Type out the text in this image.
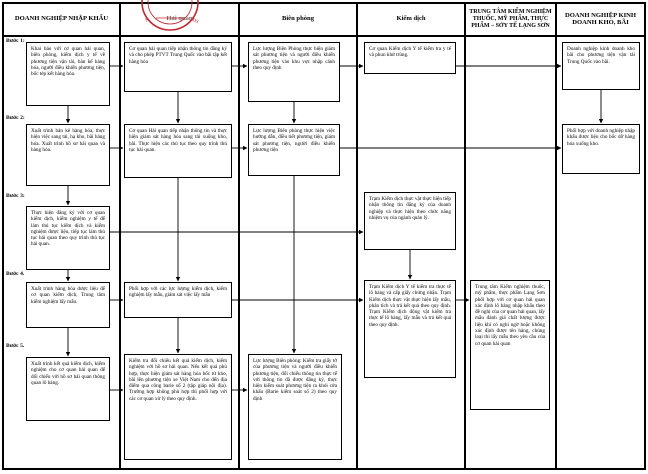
DOANH NGHIỆP NHẬP KHẨU	Hải quan	Biên phòng	Kiểm dịch
TRUNG TÂM KIỂM NGHIỆM THUỐC, MỸ PHẨM, THỰC PHẨM – SỞY TẾ LẠNG SƠN
DOANH NGHIỆP KINH DOANH KHO, BÃI
N	ĐS
Bước 1:
Bước 2:
Bước 3:
Bước 4.
Bước 5.
Khai báo với cơ quan hải quan, biên phòng, kiểm dịch y tế về phương tiện vận tải, bàn kế hàng hóa, người điều khiển phương tiện, bốc tép kết hàng hóa.
Xuất trình bản kê hàng hóa, thực hiện việc sang tải, hạ kho, bãi hàng hóa. Xuất trình hồ sơ hải quan và hàng hóa.
Thực hiện đăng ký với cơ quan kiểm dịch, kiểm nghiệm y tế để làm thủ tục kiểm dịch và kiểm nghiệm được liệu, tiếp tục làm thủ tục hải quan theo quy trình thủ tục hải quan.
Xuất trình hàng hóa dược liệu để cơ quan kiểm dịch, Trung tâm kiểm nghiệm lấy mẫu.
Xuất trình kết quả kiểm dịch, kiểm nghiệm cho cơ quan hải quan để đối chiếu với hồ sơ hải quan thông quan lô hàng.
Cơ quan hải quan tiếp nhận thông tin đăng ký và cho phép PTVT Trung Quốc vào bãi tập kết hàng hóa
Cơ quan Hải quan tiếp nhận thông tin và thực hiện giám sát hàng hóa sang tải xuống kho, bãi. Thực hiện các thủ tục theo quy trình thủ tục hải quan.
Phối hợp với các lực lượng kiểm dịch, kiểm nghiệm lấy mẫu, giám sát việc lấy mẫu
Kiểm tra đối chiếu kết quả kiểm dịch, kiểm nghiệm với hồ sơ hải quan. Nếu kết quả phù hợp, thực hiện giám sát hàng hóa bốc từ kho, bãi lên phương tiện xe Việt Nam cho đến địa điểm qua công barie số 2 (tập giáp nội địa). Trường hợp không phù hợp thì phối hợp với các cơ quan xử lý theo quy định.
Lực lượng Biên Phòng thực hiện giám sát phương tiện và người điều khiển phương tiện vào khu vực nhập cảnh theo quy định
Lực lượng Biên phòng thực hiện việc hướng dẫn, điều tiết phương tiện, giám sát phương tiện, người điều khiển phương tiện
Lực lượng Biên phòng: Kiểm tra giấy tờ của phương tiện và người điều khiển phương tiện, đối chiếu thông tin thực tế với thông tin đã được đăng ký, thực hiện kiểm soát phương tiện ra khỏi cửa khẩu (Barie kiểm soát số 2) theo quy định
Cơ quan Kiểm dịch Y tế kiểm tra y tế và phun khử trùng.
Trạm Kiểm dịch thực vật thực hiện tiếp nhận thông tin đăng ký của doanh nghiệp và thực hiện theo chức năng nhiệm vụ của ngành quản lý.
Trạm Kiểm dịch Y tế kiểm tra thực tế lô hàng và cấp giấy chứng nhận. Trạm Kiểm dịch thực vật thực hiện lấy mẫu, phân tích và trả kết quả theo quy định. Trạm Kiểm dịch động vật kiểm tra thực tế lô hàng, lấy mẫu và trả kết quả theo quy định.
Trung tâm Kiểm nghiệm thuốc, mỹ phẩm, thực phẩm Lạng Sơn phối hợp với cơ quan hải quan xác định lô hàng nhập khẩu theo đề nghị của cơ quan hải quan, lấy mẫu đánh giá chất lượng được liệu khi có nghi ngờ hoặc không xác định được tên hàng, chủng loại thì lấy mẫu theo yêu cầu của cơ quan hải quan
Doanh nghiệp kinh doanh kho bãi cho phương tiện vận tải Trung Quốc vào bãi.
Phối hợp với doanh nghiệp nhập khẩu được liệu cho bốc dỡ hàng hóa xuống kho.
